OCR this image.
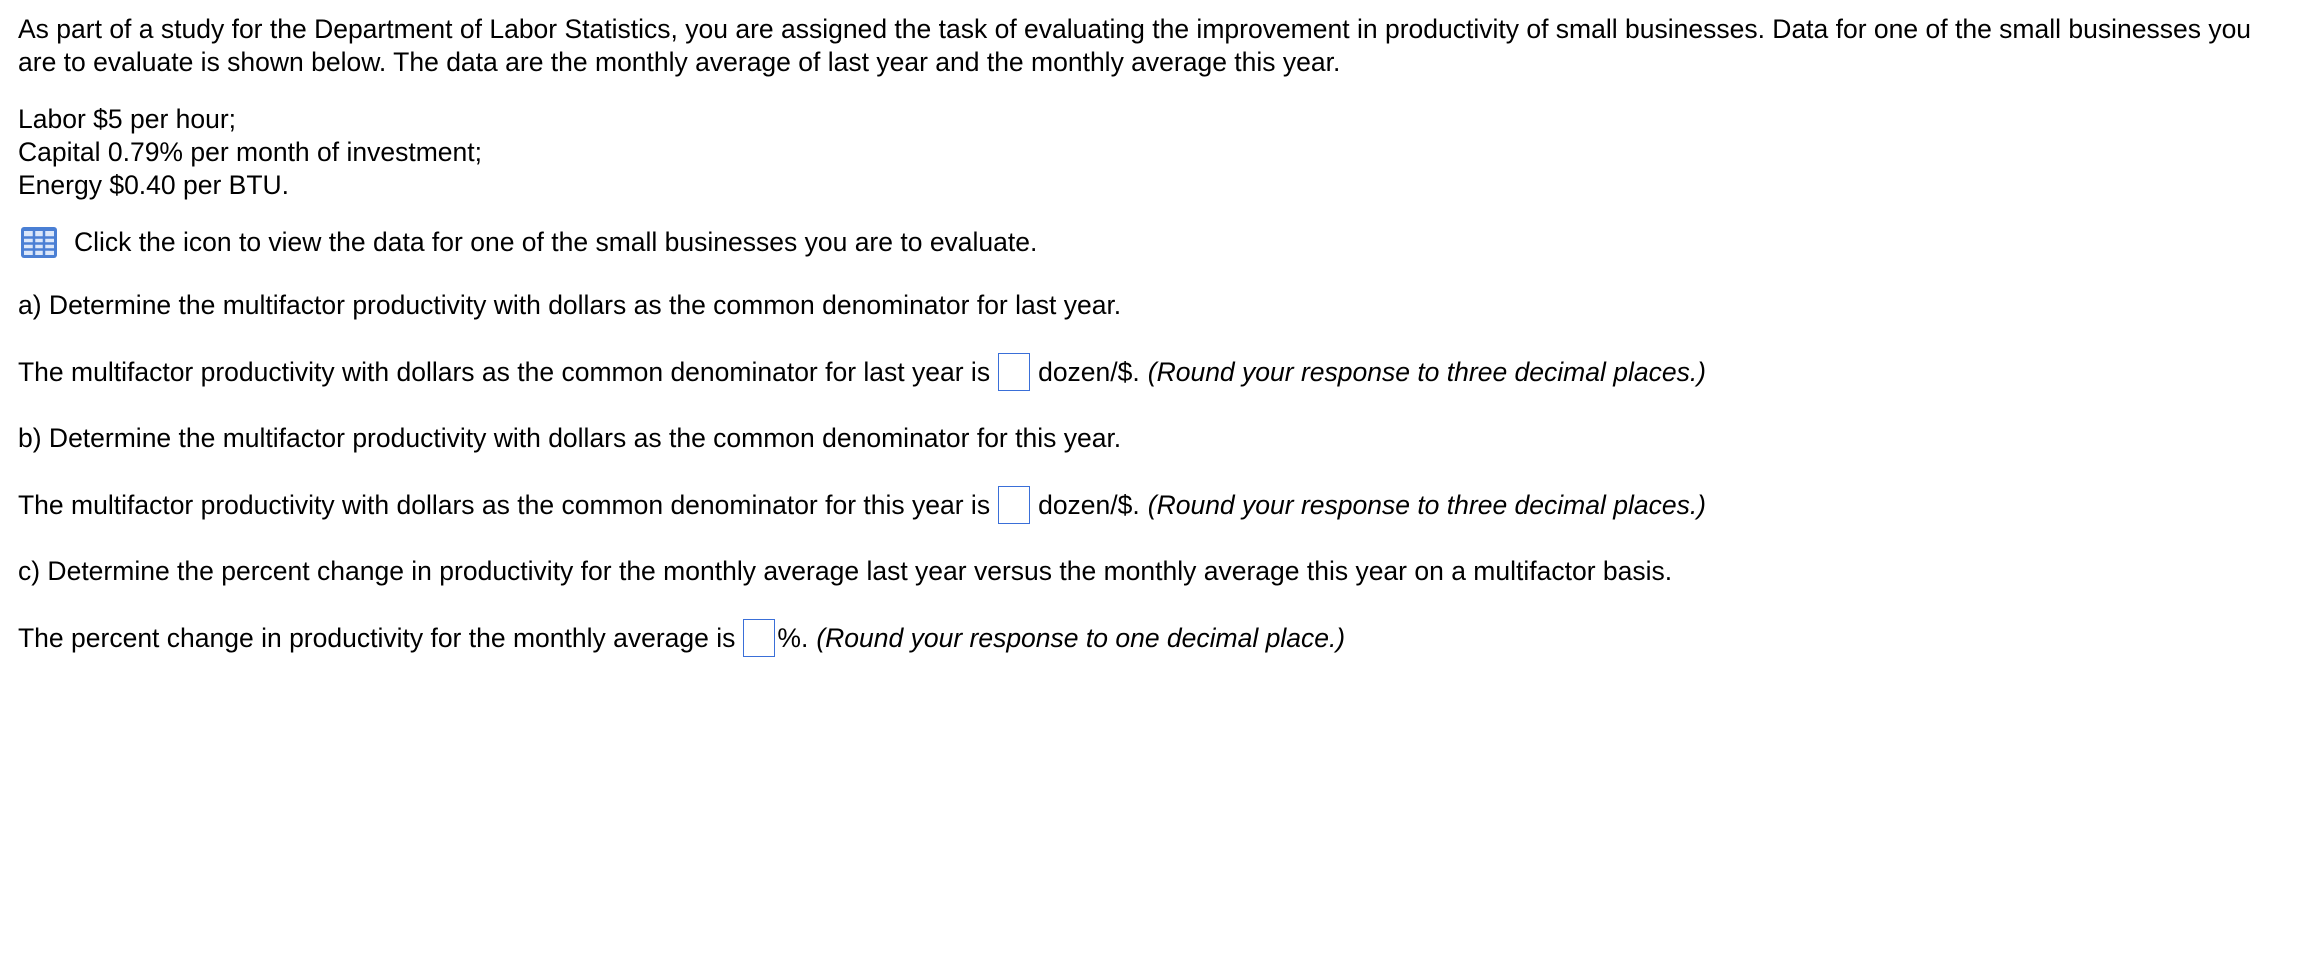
As part of a study for the Department of Labor Statistics, you are assigned the task of evaluating the improvement in productivity of small businesses. Data for one of the small businesses you are to evaluate is shown below. The data are the monthly average of last year and the monthly average this year.

Labor $5 per hour;
Capital 0.79% per month of investment;
Energy $0.40 per BTU.
Click the icon to view the data for one of the small businesses you are to evaluate.

a) Determine the multifactor productivity with dollars as the common denominator for last year.

The multifactor productivity with dollars as the common denominator for last year is dozen/$. (Round your response to three decimal places.)

b) Determine the multifactor productivity with dollars as the common denominator for this year.

The multifactor productivity with dollars as the common denominator for this year is dozen/$. (Round your response to three decimal places.)

c) Determine the percent change in productivity for the monthly average last year versus the monthly average this year on a multifactor basis.

The percent change in productivity for the monthly average is %. (Round your response to one decimal place.)
